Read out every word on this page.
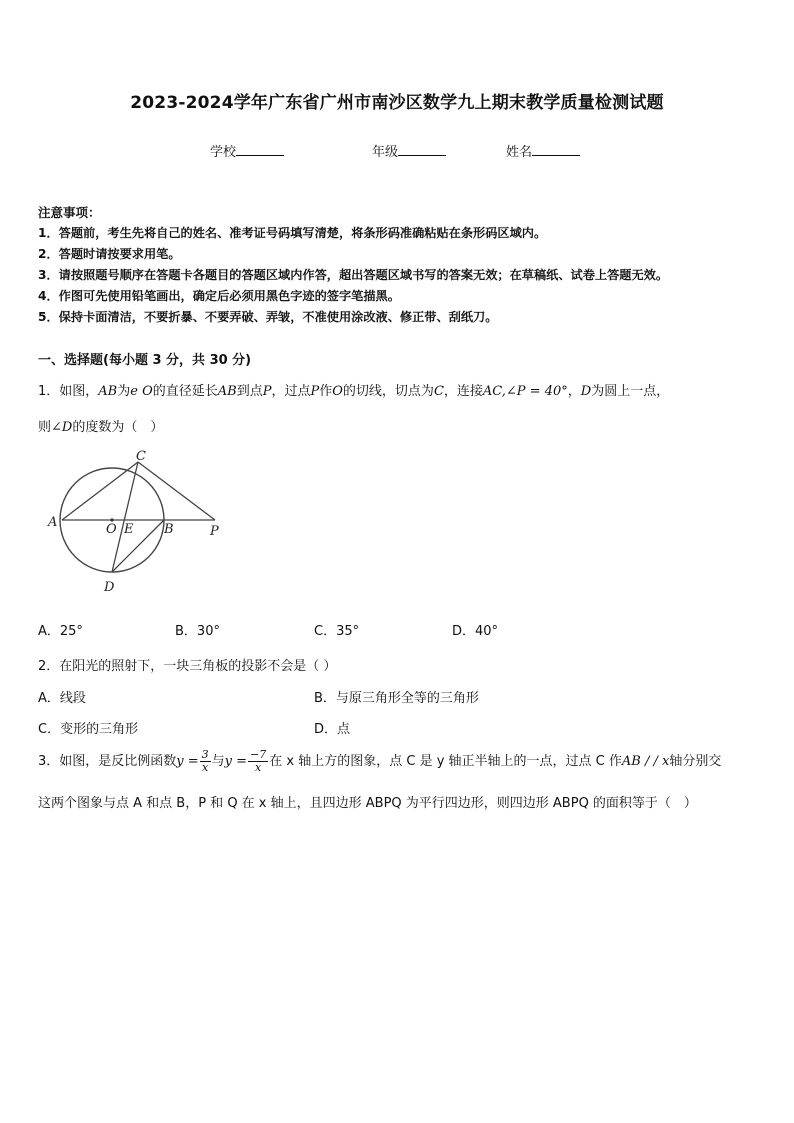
2023-2024学年广东省广州市南沙区数学九上期末教学质量检测试题
学校	年级	姓名
注意事项：
1．答题前，考生先将自己的姓名、准考证号码填写清楚，将条形码准确粘贴在条形码区域内。
2．答题时请按要求用笔。
3．请按照题号顺序在答题卡各题目的答题区域内作答，超出答题区域书写的答案无效；在草稿纸、试卷上答题无效。
4．作图可先使用铅笔画出，确定后必须用黑色字迹的签字笔描黑。
5．保持卡面清洁，不要折暴、不要弄破、弄皱，不准使用涂改液、修正带、刮纸刀。
一、选择题(每小题 3 分，共 30 分)
1．如图，AB为e O的直径延长AB到点P，过点P作O的切线，切点为C，连接AC,∠P = 40°，D为圆上一点，
则∠D的度数为（　）
C
A	O E B	P
D
A．25°	B．30°	C．35°	D．40°
2．在阳光的照射下，一块三角板的投影不会是（ ）
A．线段	B．与原三角形全等的三角形
C．变形的三角形	D．点
3．如图，是反比例函数$y = \frac{3}{x}$ 与$y = \frac{-7}{x}$ 在 x 轴上方的图象，点 C 是 y 轴正半轴上的一点，过点 C 作AB / / x轴分别交
这两个图象与点 A 和点 B，P 和 Q 在 x 轴上，且四边形 ABPQ 为平行四边形，则四边形 ABPQ 的面积等于（　）
